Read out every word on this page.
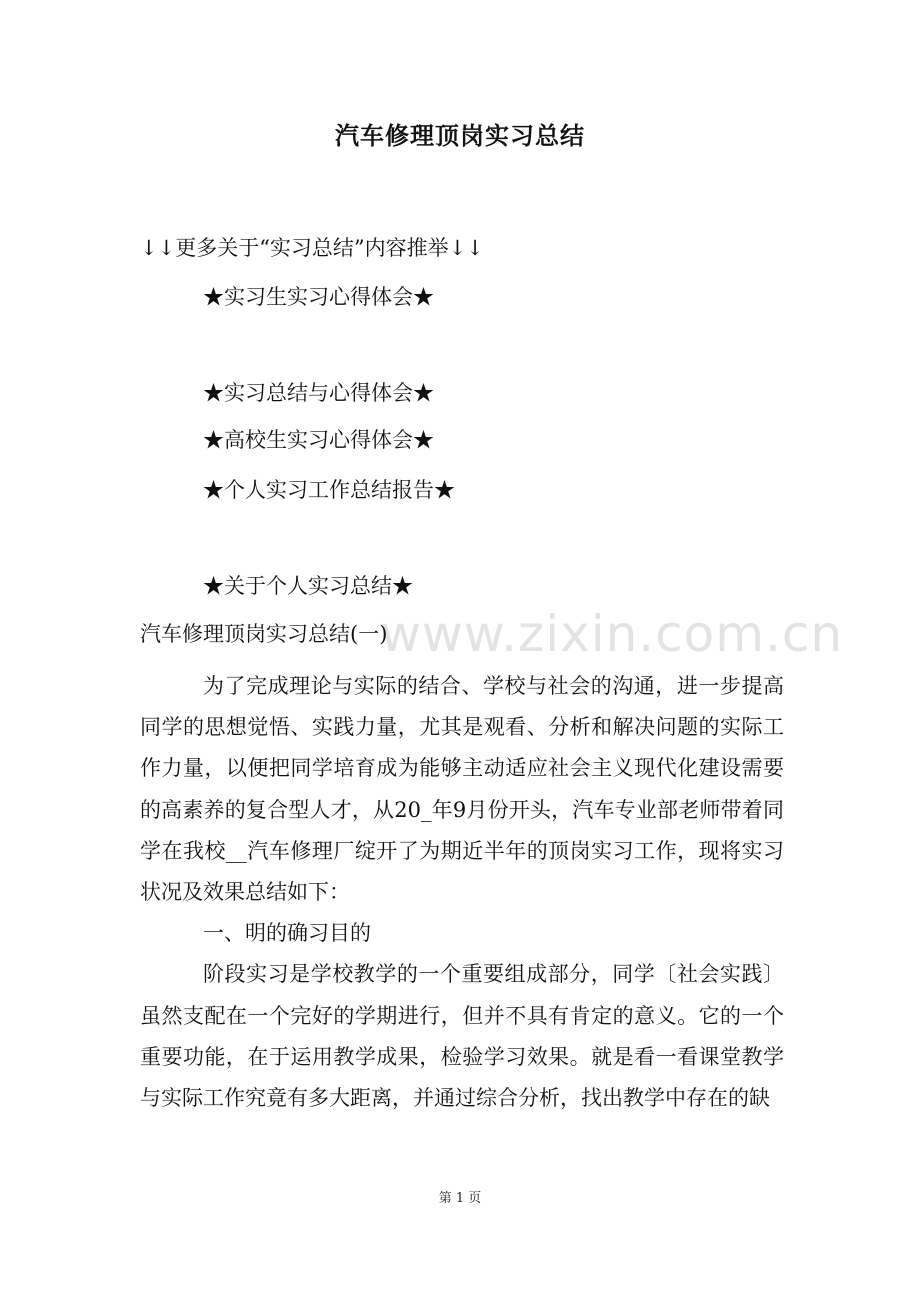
www.zixin.com.cn
汽车修理顶岗实习总结
↓↓更多关于“实习总结”内容推举↓↓
★实习生实习心得体会★
★实习总结与心得体会★
★高校生实习心得体会★
★个人实习工作总结报告★
★关于个人实习总结★
汽车修理顶岗实习总结(一)

为了完成理论与实际的结合、学校与社会的沟通，进一步提高同学的思想觉悟、实践力量，尤其是观看、分析和解决问题的实际工作力量，以便把同学培育成为能够主动适应社会主义现代化建设需要的高素养的复合型人才，从20_年9月份开头，汽车专业部老师带着同学在我校__汽车修理厂绽开了为期近半年的顶岗实习工作，现将实习状况及效果总结如下：

一、明的确习目的

阶段实习是学校教学的一个重要组成部分，同学〔社会实践〕虽然支配在一个完好的学期进行，但并不具有肯定的意义。它的一个重要功能，在于运用教学成果，检验学习效果。就是看一看课堂教学与实际工作究竟有多大距离，并通过综合分析，找出教学中存在的缺

第 1 页
